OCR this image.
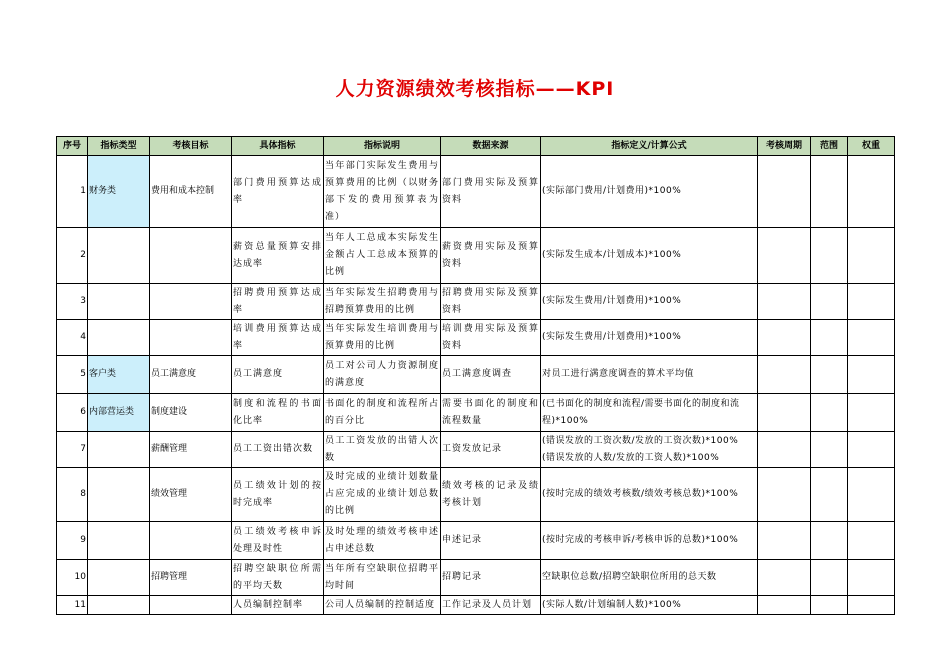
人力资源绩效考核指标——KPI
序号	指标类型	考核目标	具体指标	指标说明	数据来源	指标定义/计算公式	考核周期	范围	权重
1	财务类	费用和成本控制	部门费用预算达成率	当年部门实际发生费用与预算费用的比例（以财务部下发的费用预算表为准）	部门费用实际及预算资料	(实际部门费用/计划费用)*100%			

2			薪资总量预算安排达成率	当年人工总成本实际发生金额占人工总成本预算的比例	薪资费用实际及预算资料	(实际发生成本/计划成本)*100%			

3			招聘费用预算达成率	当年实际发生招聘费用与招聘预算费用的比例	招聘费用实际及预算资料	(实际发生费用/计划费用)*100%			

4			培训费用预算达成率	当年实际发生培训费用与预算费用的比例	培训费用实际及预算资料	(实际发生费用/计划费用)*100%			

5	客户类	员工满意度	员工满意度	员工对公司人力资源制度的满意度	员工满意度调查	对员工进行满意度调查的算术平均值			

6	内部营运类	制度建设	制度和流程的书面化比率	书面化的制度和流程所占的百分比	需要书面化的制度和流程数量	(已书面化的制度和流程/需要书面化的制度和流程)*100%			

7		薪酬管理	员工工资出错次数	员工工资发放的出错人次数	工资发放记录	(错误发放的工资次数/发放的工资次数)*100%
(错误发放的人数/发放的工资人数)*100%			

8		绩效管理	员工绩效计划的按时完成率	及时完成的业绩计划数量占应完成的业绩计划总数的比例	绩效考核的记录及绩考核计划	(按时完成的绩效考核数/绩效考核总数)*100%			

9			员工绩效考核申诉处理及时性	及时处理的绩效考核申述占申述总数	申述记录	(按时完成的考核申诉/考核申诉的总数)*100%			

10		招聘管理	招聘空缺职位所需的平均天数	当年所有空缺职位招聘平均时间	招聘记录	空缺职位总数/招聘空缺职位所用的总天数			

11			人员编制控制率	公司人员编制的控制适度	工作记录及人员计划	(实际人数/计划编制人数)*100%			
